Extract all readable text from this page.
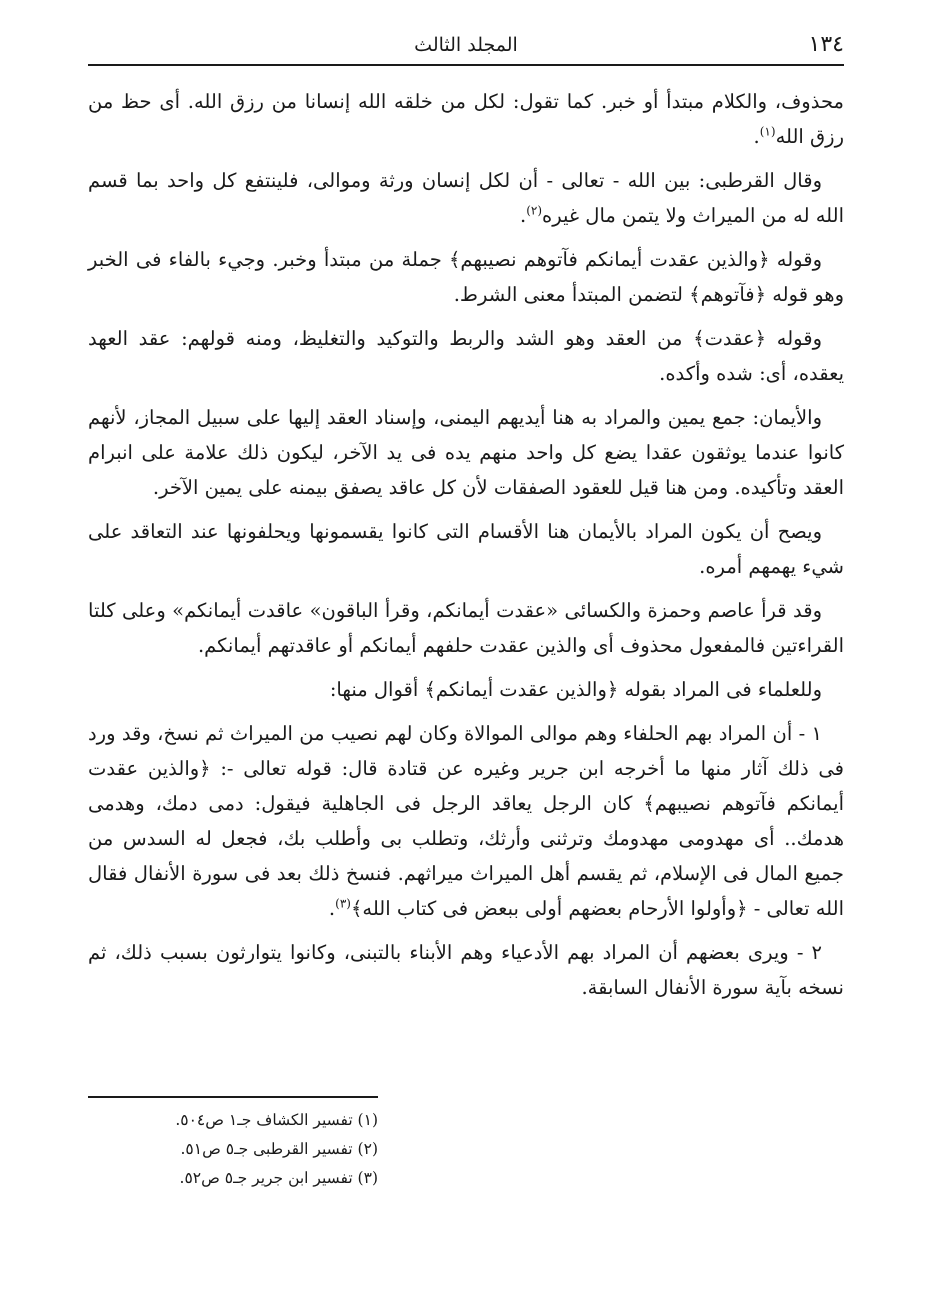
١٣٤
المجلد الثالث

محذوف، والكلام مبتدأ أو خبر. كما تقول: لكل من خلقه الله إنسانا من رزق الله. أى حظ من رزق الله$^{(١)}$.

وقال القرطبى: بين الله - تعالى - أن لكل إنسان ورثة وموالى، فلينتفع كل واحد بما قسم الله له من الميراث ولا يتمن مال غيره$^{(٢)}$.

وقوله ﴿والذين عقدت أيمانكم فآتوهم نصيبهم﴾ جملة من مبتدأ وخبر. وجيء بالفاء فى الخبر وهو قوله ﴿فآتوهم﴾ لتضمن المبتدأ معنى الشرط.

وقوله ﴿عقدت﴾ من العقد وهو الشد والربط والتوكيد والتغليظ، ومنه قولهم: عقد العهد يعقده، أى: شده وأكده.

والأيمان: جمع يمين والمراد به هنا أيديهم اليمنى، وإسناد العقد إليها على سبيل المجاز، لأنهم كانوا عندما يوثقون عقدا يضع كل واحد منهم يده فى يد الآخر، ليكون ذلك علامة على انبرام العقد وتأكيده. ومن هنا قيل للعقود الصفقات لأن كل عاقد يصفق بيمنه على يمين الآخر.

ويصح أن يكون المراد بالأيمان هنا الأقسام التى كانوا يقسمونها ويحلفونها عند التعاقد على شيء يهمهم أمره.

وقد قرأ عاصم وحمزة والكسائى «عقدت أيمانكم، وقرأ الباقون» عاقدت أيمانكم» وعلى كلتا القراءتين فالمفعول محذوف أى والذين عقدت حلفهم أيمانكم أو عاقدتهم أيمانكم.

وللعلماء فى المراد بقوله ﴿والذين عقدت أيمانكم﴾ أقوال منها:

١ - أن المراد بهم الحلفاء وهم موالى الموالاة وكان لهم نصيب من الميراث ثم نسخ، وقد ورد فى ذلك آثار منها ما أخرجه ابن جرير وغيره عن قتادة قال: قوله تعالى -: ﴿والذين عقدت أيمانكم فآتوهم نصيبهم﴾ كان الرجل يعاقد الرجل فى الجاهلية فيقول: دمى دمك، وهدمى هدمك.. أى مهدومى مهدومك وترثنى وأرثك، وتطلب بى وأطلب بك، فجعل له السدس من جميع المال فى الإسلام، ثم يقسم أهل الميراث ميراثهم. فنسخ ذلك بعد فى سورة الأنفال فقال الله تعالى - ﴿وأولوا الأرحام بعضهم أولى ببعض فى كتاب الله﴾$^{(٣)}$.

٢ - ويرى بعضهم أن المراد بهم الأدعياء وهم الأبناء بالتبنى، وكانوا يتوارثون بسبب ذلك، ثم نسخه بآية سورة الأنفال السابقة.

(١) تفسير الكشاف جـ١ ص٥٠٤.
(٢) تفسير القرطبى جـ٥ ص٥١.
(٣) تفسير ابن جرير جـ٥ ص٥٢.
